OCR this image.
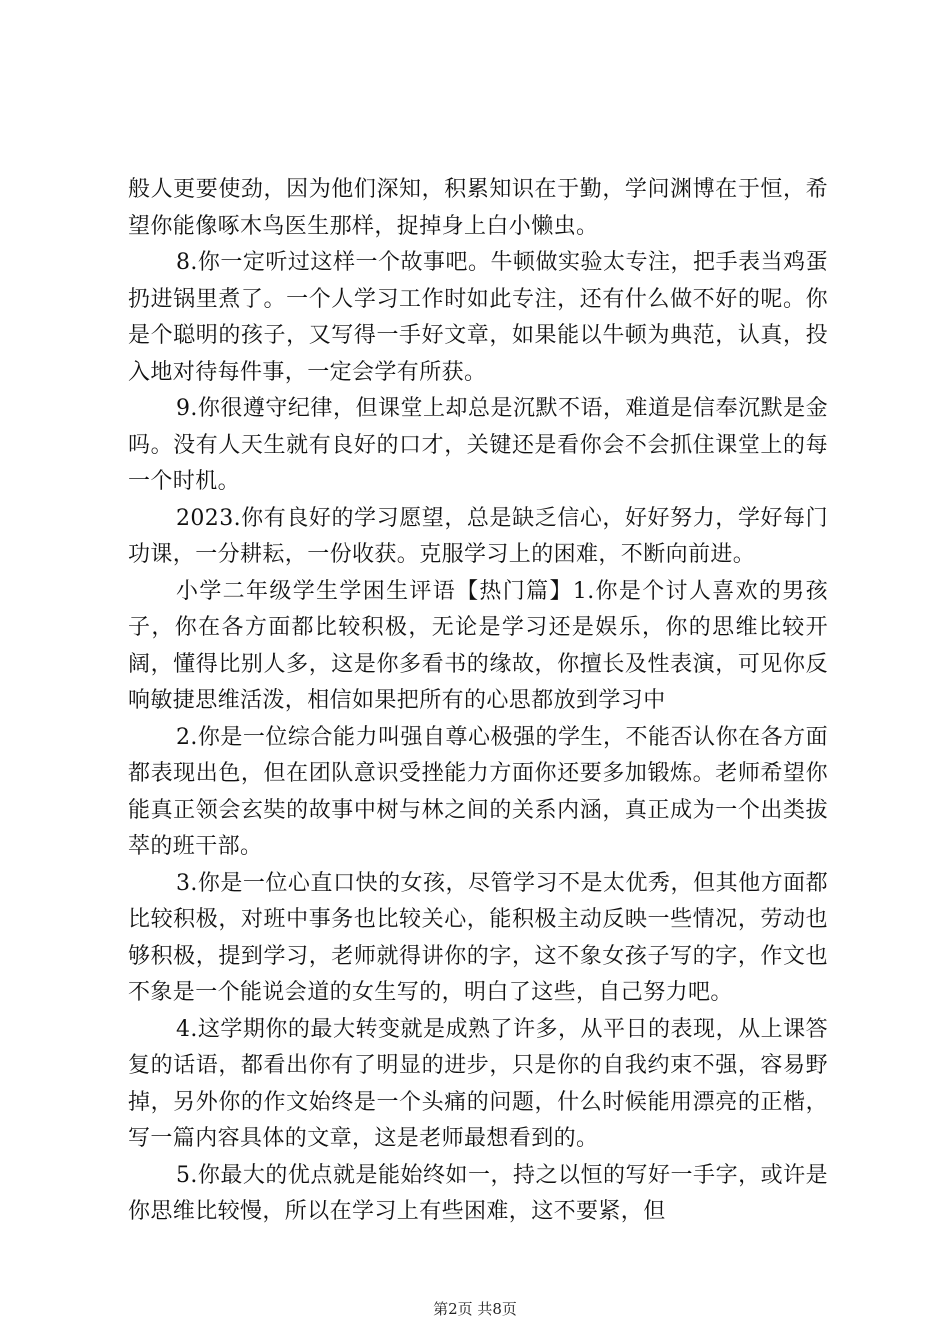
般人更要使劲，因为他们深知，积累知识在于勤，学问渊博在于恒，希望你能像啄木鸟医生那样，捉掉身上白小懒虫。

8.你一定听过这样一个故事吧。牛顿做实验太专注，把手表当鸡蛋扔进锅里煮了。一个人学习工作时如此专注，还有什么做不好的呢。你是个聪明的孩子，又写得一手好文章，如果能以牛顿为典范，认真，投入地对待每件事，一定会学有所获。

9.你很遵守纪律，但课堂上却总是沉默不语，难道是信奉沉默是金吗。没有人天生就有良好的口才，关键还是看你会不会抓住课堂上的每一个时机。

2023.你有良好的学习愿望，总是缺乏信心，好好努力，学好每门功课，一分耕耘，一份收获。克服学习上的困难，不断向前进。

小学二年级学生学困生评语【热门篇】1.你是个讨人喜欢的男孩子，你在各方面都比较积极，无论是学习还是娱乐，你的思维比较开阔，懂得比别人多，这是你多看书的缘故，你擅长及性表演，可见你反响敏捷思维活泼，相信如果把所有的心思都放到学习中

2.你是一位综合能力叫强自尊心极强的学生，不能否认你在各方面都表现出色，但在团队意识受挫能力方面你还要多加锻炼。老师希望你能真正领会玄奘的故事中树与林之间的关系内涵，真正成为一个出类拔萃的班干部。

3.你是一位心直口快的女孩，尽管学习不是太优秀，但其他方面都比较积极，对班中事务也比较关心，能积极主动反映一些情况，劳动也够积极，提到学习，老师就得讲你的字，这不象女孩子写的字，作文也不象是一个能说会道的女生写的，明白了这些，自己努力吧。

4.这学期你的最大转变就是成熟了许多，从平日的表现，从上课答复的话语，都看出你有了明显的进步，只是你的自我约束不强，容易野掉，另外你的作文始终是一个头痛的问题，什么时候能用漂亮的正楷，写一篇内容具体的文章，这是老师最想看到的。

5.你最大的优点就是能始终如一，持之以恒的写好一手字，或许是你思维比较慢，所以在学习上有些困难，这不要紧，但

第2页 共8页
